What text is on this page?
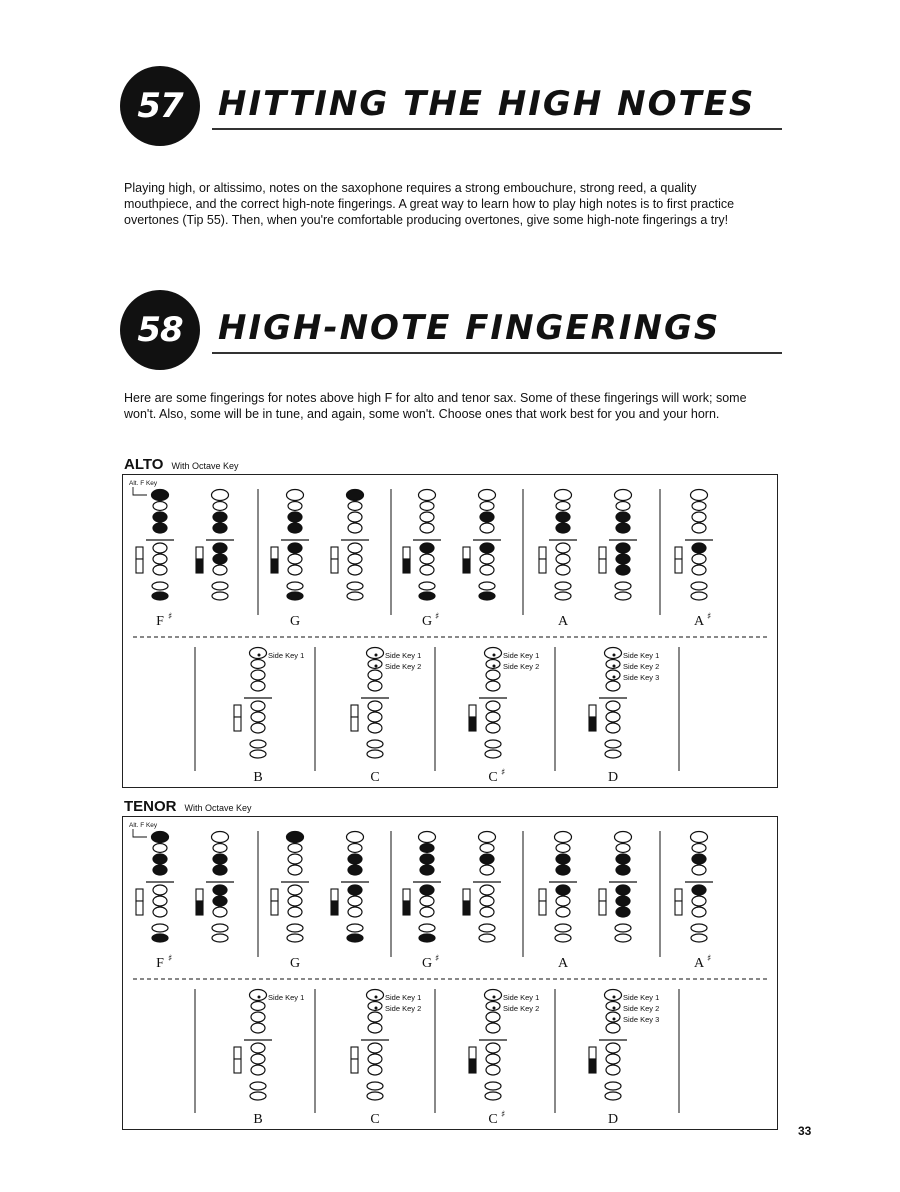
57	HITTING THE HIGH NOTES
Playing high, or altissimo, notes on the saxophone requires a strong embouchure, strong reed, a quality mouthpiece, and the correct high-note fingerings. A great way to learn how to play high notes is to first practice overtones (Tip 55). Then, when you're comfortable producing overtones, give some high-note fingerings a try!
58	HIGH-NOTE FINGERINGS
Here are some fingerings for notes above high F for alto and tenor sax. Some of these fingerings will work; some won't. Also, some will be in tune, and again, some won't. Choose ones that work best for you and your horn.
ALTO With Octave Key
Alt. F Key
F ♯	G	G ♯	A	A ♯
Side Key 1	Side Key 1
Side Key 2
Side Key 1
Side Key 2
Side Key 1
Side Key 2
Side Key 3
B	C	C ♯	D
TENOR With Octave Key
Alt. F Key
F ♯	G	G ♯	A	A ♯
Side Key 1	Side Key 1
Side Key 2
Side Key 1
Side Key 2
Side Key 1
Side Key 2
Side Key 3
B	C	C ♯	D
33
